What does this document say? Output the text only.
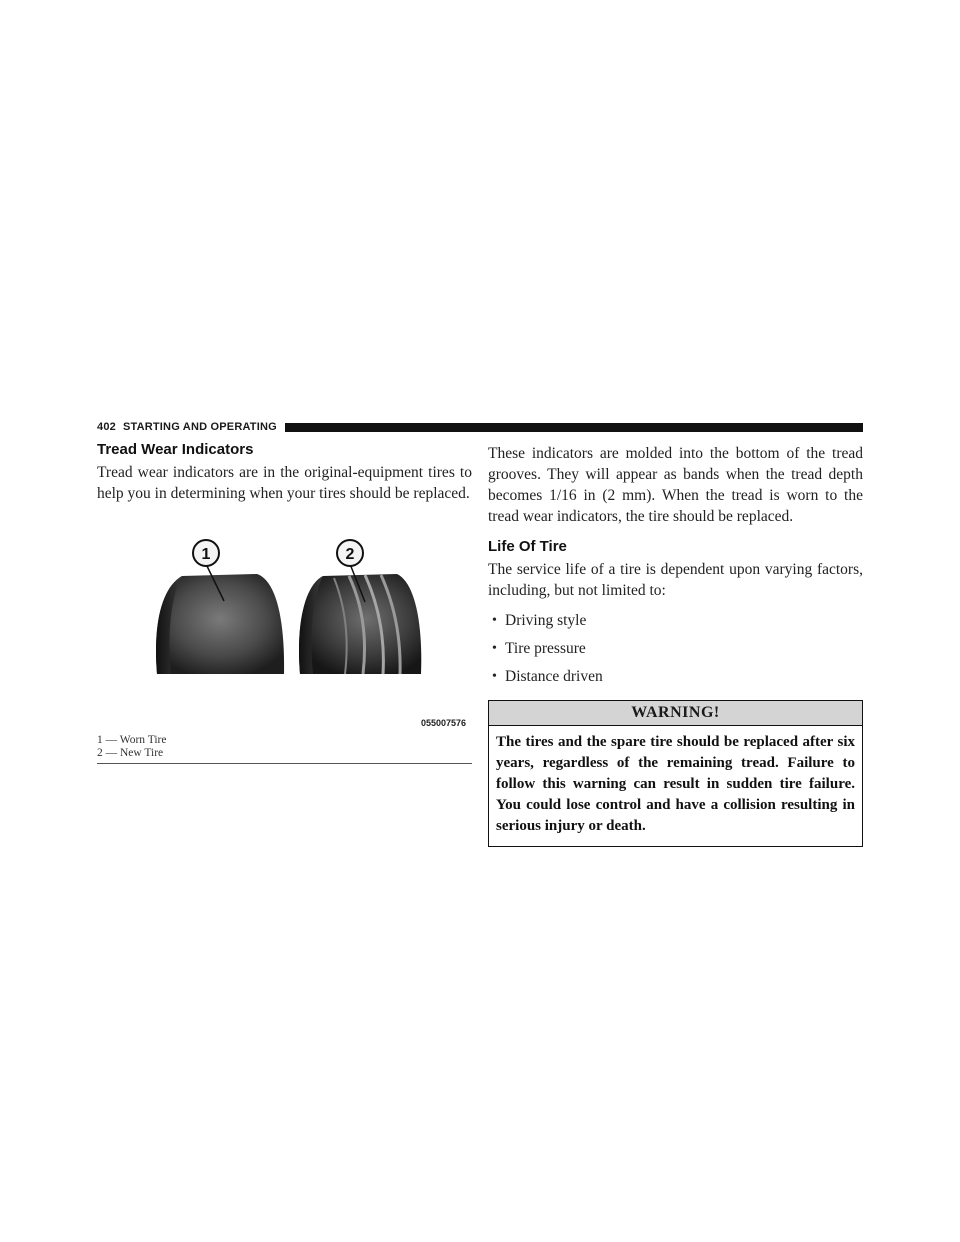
402 STARTING AND OPERATING
Tread Wear Indicators

Tread wear indicators are in the original-equipment tires to help you in determining when your tires should be replaced.

1	2
055007576
1 — Worn Tire
2 — New Tire

These indicators are molded into the bottom of the tread grooves. They will appear as bands when the tread depth becomes 1/16 in (2 mm). When the tread is worn to the tread wear indicators, the tire should be replaced.

Life Of Tire

The service life of a tire is dependent upon varying factors, including, but not limited to:

• Driving style
• Tire pressure
• Distance driven
WARNING!
The tires and the spare tire should be replaced after six years, regardless of the remaining tread. Failure to follow this warning can result in sudden tire failure. You could lose control and have a collision resulting in serious injury or death.
